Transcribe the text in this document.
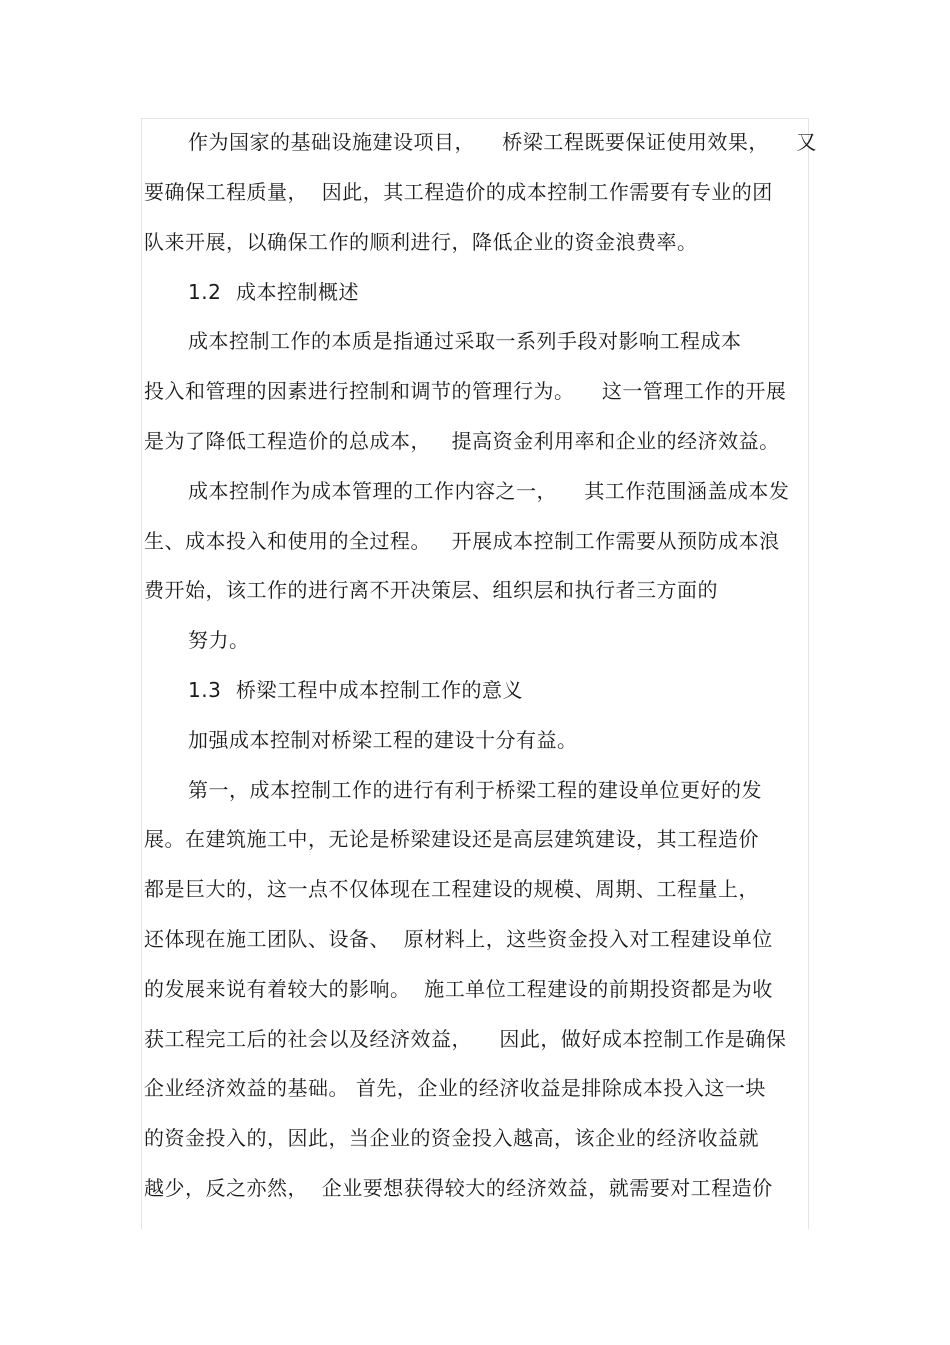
作为国家的基础设施建设项目，    桥梁工程既要保证使用效果，    又
要确保工程质量，  因此，其工程造价的成本控制工作需要有专业的团
队来开展，以确保工作的顺利进行，降低企业的资金浪费率。
1.2 成本控制概述
成本控制工作的本质是指通过采取一系列手段对影响工程成本
投入和管理的因素进行控制和调节的管理行为。    这一管理工作的开展
是为了降低工程造价的总成本，   提高资金利用率和企业的经济效益。
成本控制作为成本管理的工作内容之一，    其工作范围涵盖成本发
生、成本投入和使用的全过程。   开展成本控制工作需要从预防成本浪
费开始，该工作的进行离不开决策层、组织层和执行者三方面的
努力。
1.3 桥梁工程中成本控制工作的意义
加强成本控制对桥梁工程的建设十分有益。
第一，成本控制工作的进行有利于桥梁工程的建设单位更好的发
展。在建筑施工中，无论是桥梁建设还是高层建筑建设，其工程造价
都是巨大的，这一点不仅体现在工程建设的规模、周期、工程量上，
还体现在施工团队、设备、  原材料上，这些资金投入对工程建设单位
的发展来说有着较大的影响。  施工单位工程建设的前期投资都是为收
获工程完工后的社会以及经济效益，    因此，做好成本控制工作是确保
企业经济效益的基础。 首先，企业的经济收益是排除成本投入这一块
的资金投入的，因此，当企业的资金投入越高，该企业的经济收益就
越少，反之亦然，  企业要想获得较大的经济效益，就需要对工程造价
